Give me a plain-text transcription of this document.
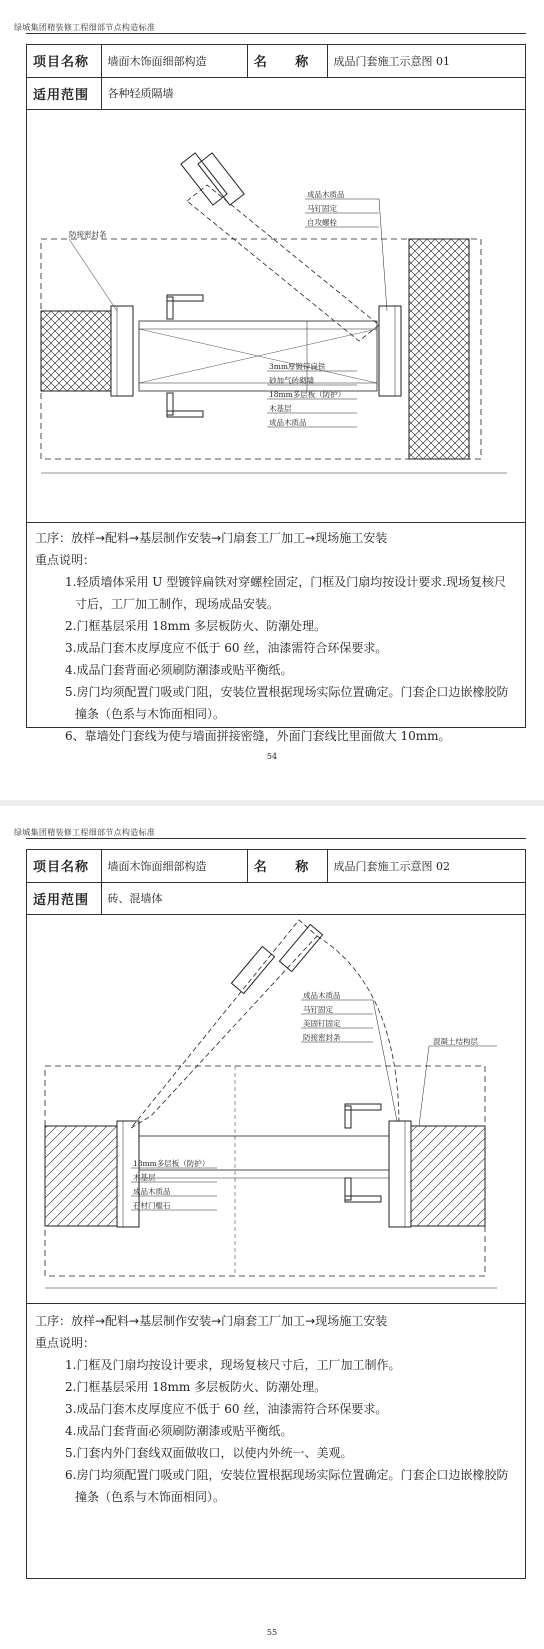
绿城集团精装修工程细部节点构造标准
项目名称	墙面木饰面细部构造	名 称	成品门套施工示意图 01
适用范围	各种轻质隔墙		
成品木质品
马钉固定
自攻螺栓
防接密封条
3mm厚镀锌扁铁
砂加气砖砌墙
18mm多层板（防护）
木基层
成品木质品
工序：放样→配料→基层制作安装→门扇套工厂加工→现场施工安装
重点说明：
1.轻质墙体采用 U 型镀锌扁铁对穿螺栓固定，门框及门扇均按设计要求.现场复核尺寸后，工厂加工制作，现场成品安装。
2.门框基层采用 18mm 多层板防火、防潮处理。
3.成品门套木皮厚度应不低于 60 丝，油漆需符合环保要求。
4.成品门套背面必须刷防潮漆或贴平衡纸。
5.房门均须配置门吸或门阻，安装位置根据现场实际位置确定。门套企口边嵌橡胶防撞条（色系与木饰面相同）。
6、靠墙处门套线为使与墙面拼接密缝，外面门套线比里面做大 10mm。
54
绿城集团精装修工程细部节点构造标准
项目名称	墙面木饰面细部构造	名 称	成品门套施工示意图 02
适用范围	砖、混墙体		
成品木质品
马钉固定
美固钉固定
防接密封条	混凝土结构层
18mm多层板（防护）
木基层
成品木质品
石材门槛石
工序：放样→配料→基层制作安装→门扇套工厂加工→现场施工安装
重点说明：
1.门框及门扇均按设计要求，现场复核尺寸后，工厂加工制作。
2.门框基层采用 18mm 多层板防火、防潮处理。
3.成品门套木皮厚度应不低于 60 丝，油漆需符合环保要求。
4.成品门套背面必须刷防潮漆或贴平衡纸。
5.门套内外门套线双面做收口，以使内外统一、美观。
6.房门均须配置门吸或门阻，安装位置根据现场实际位置确定。门套企口边嵌橡胶防撞条（色系与木饰面相同）。
55
